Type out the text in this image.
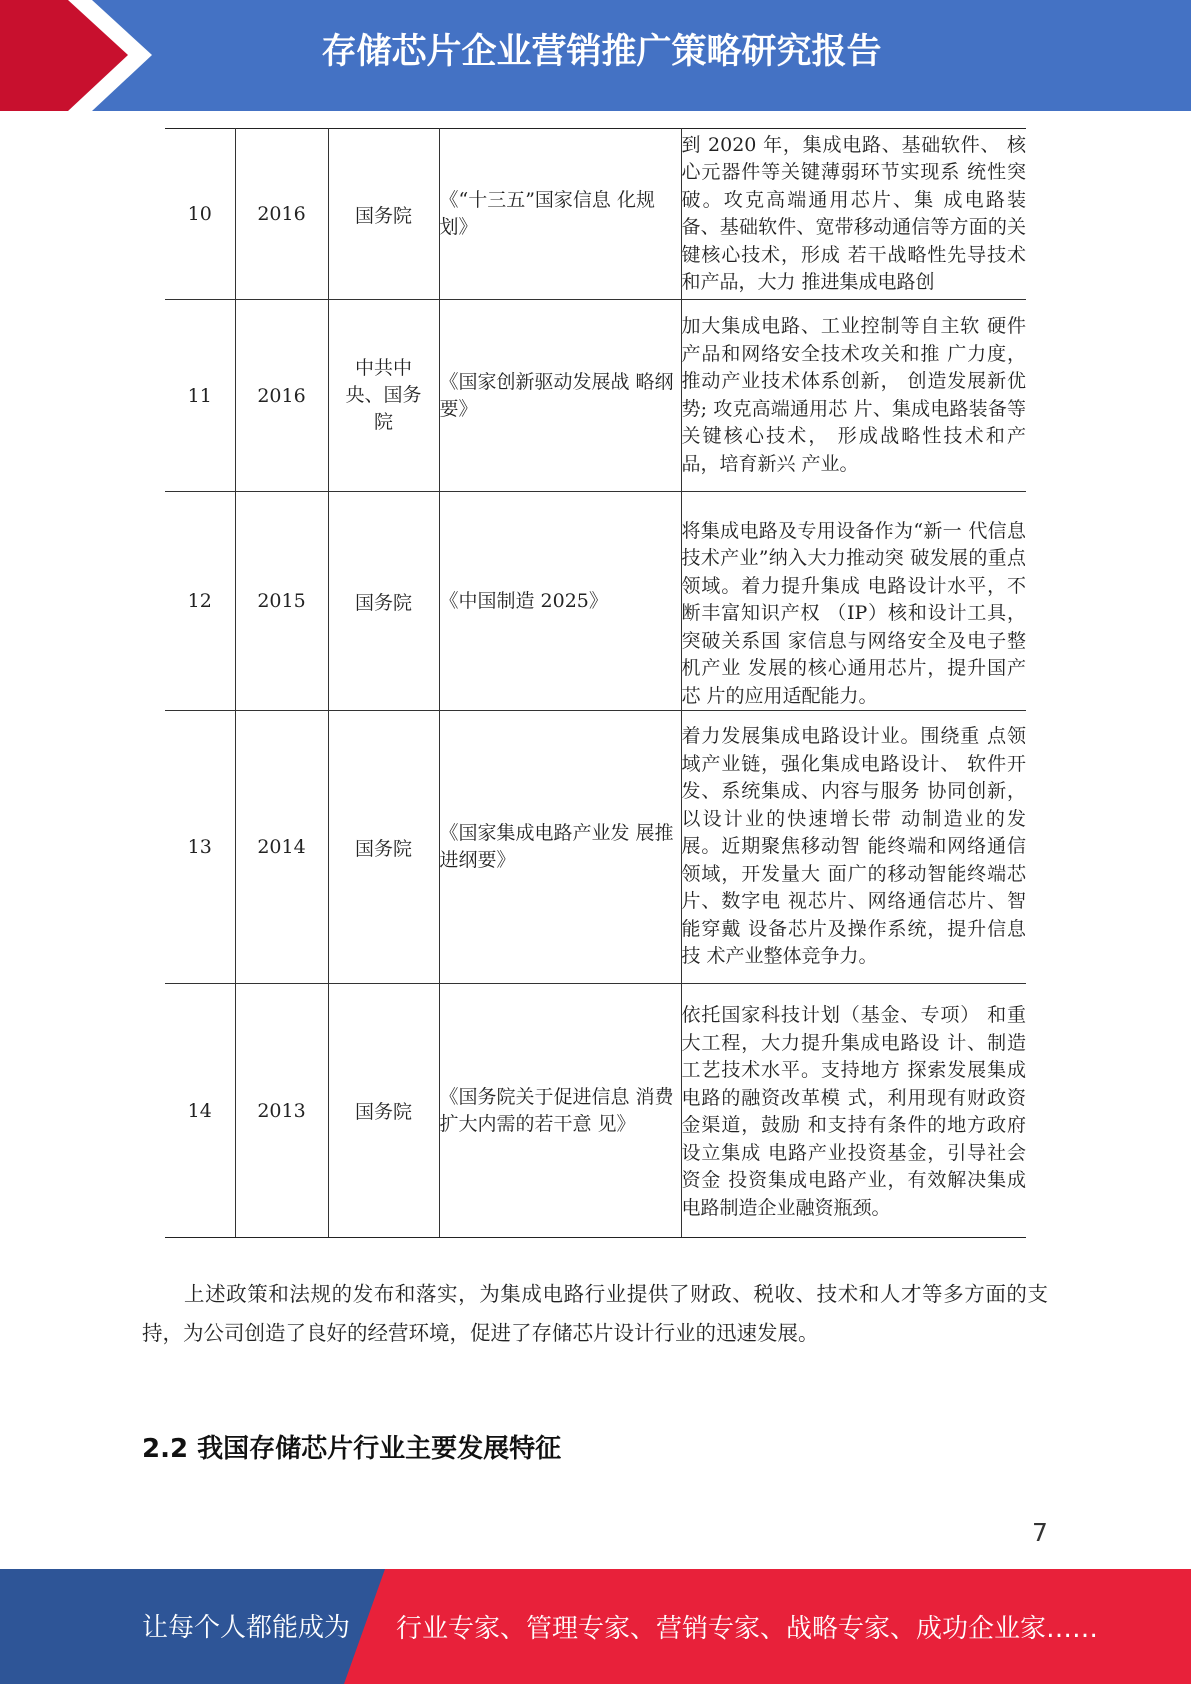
存储芯片企业营销推广策略研究报告
10	2016	国务院	《“十三五”国家信息 化规划》	到 2020 年，集成电路、基础软件、 核心元器件等关键薄弱环节实现系 统性突破。攻克高端通用芯片、集 成电路装备、基础软件、宽带移动通信等方面的关键核心技术，形成 若干战略性先导技术和产品，大力 推进集成电路创
11	2016	中共中央、国务院	《国家创新驱动发展战 略纲要》	加大集成电路、工业控制等自主软 硬件产品和网络安全技术攻关和推 广力度，推动产业技术体系创新， 创造发展新优势; 攻克高端通用芯 片、集成电路装备等关键核心技术， 形成战略性技术和产品，培育新兴 产业。
12	2015	国务院	《中国制造 2025》	将集成电路及专用设备作为“新一 代信息技术产业”纳入大力推动突 破发展的重点领域。着力提升集成 电路设计水平，不断丰富知识产权 （IP）核和设计工具，突破关系国 家信息与网络安全及电子整机产业 发展的核心通用芯片，提升国产芯 片的应用适配能力。
13	2014	国务院	《国家集成电路产业发 展推进纲要》	着力发展集成电路设计业。围绕重 点领域产业链，强化集成电路设计、 软件开发、系统集成、内容与服务 协同创新，以设计业的快速增长带 动制造业的发展。近期聚焦移动智 能终端和网络通信领域，开发量大 面广的移动智能终端芯片、数字电 视芯片、网络通信芯片、智能穿戴 设备芯片及操作系统，提升信息技 术产业整体竞争力。
14	2013	国务院	《国务院关于促进信息 消费扩大内需的若干意 见》	依托国家科技计划（基金、专项） 和重大工程，大力提升集成电路设 计、制造工艺技术水平。支持地方 探索发展集成电路的融资改革模 式，利用现有财政资金渠道，鼓励 和支持有条件的地方政府设立集成 电路产业投资基金，引导社会资金 投资集成电路产业，有效解决集成 电路制造企业融资瓶颈。

上述政策和法规的发布和落实，为集成电路行业提供了财政、税收、技术和人才等多方面的支持，为公司创造了良好的经营环境，促进了存储芯片设计行业的迅速发展。

2.2 我国存储芯片行业主要发展特征
7
让每个人都能成为 行业专家、管理专家、营销专家、战略专家、成功企业家……
